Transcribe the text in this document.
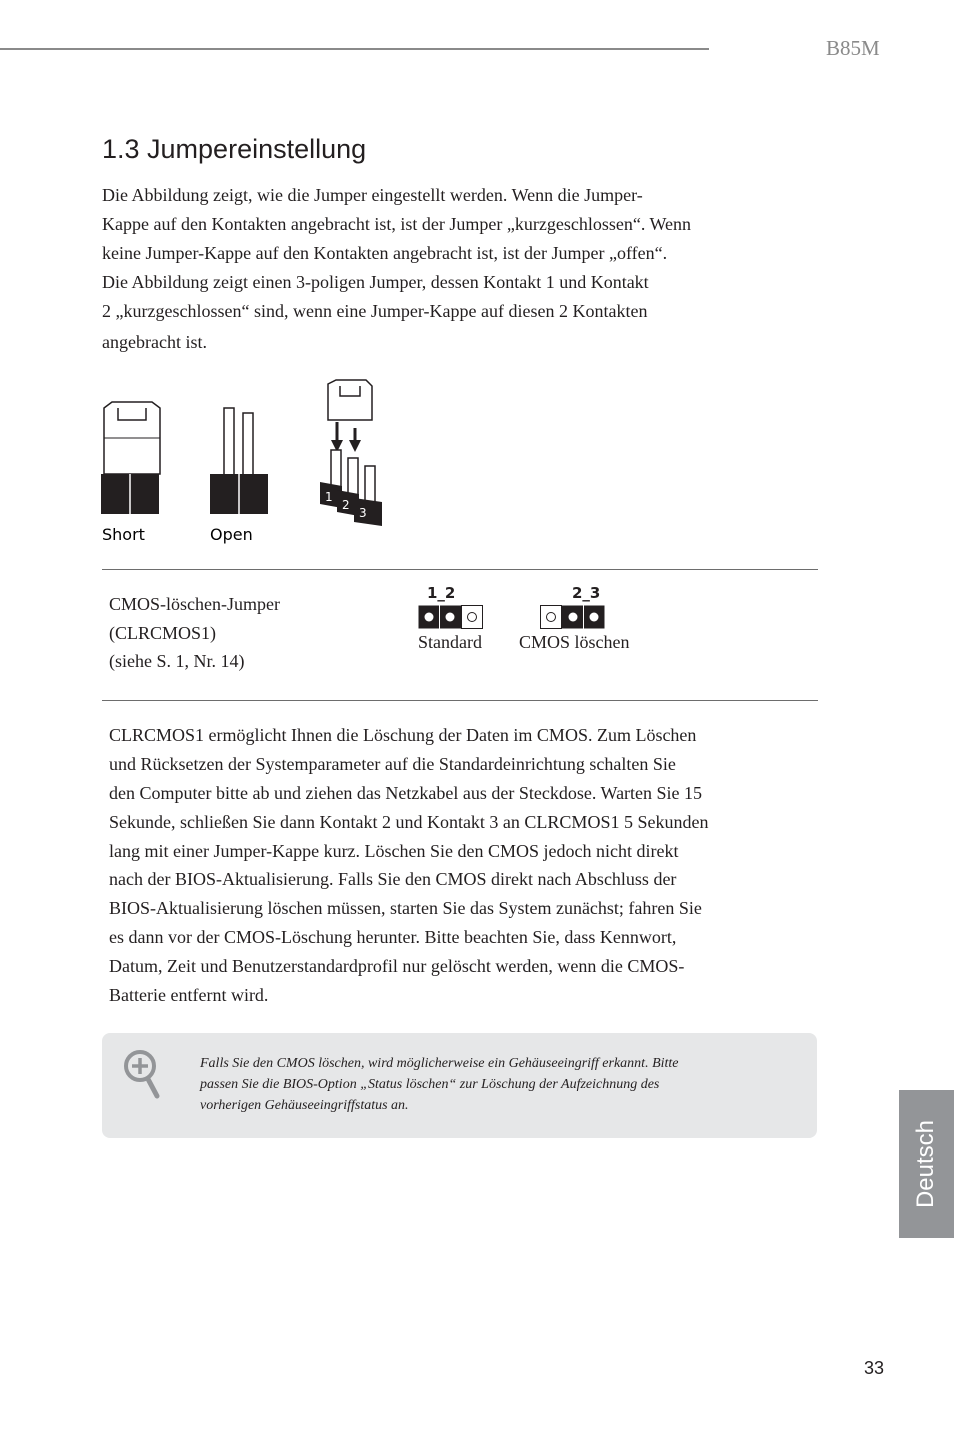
B85M
1.3 Jumpereinstellung
Die Abbildung zeigt, wie die Jumper eingestellt werden. Wenn die Jumper-
Kappe auf den Kontakten angebracht ist, ist der Jumper „kurzgeschlossen“. Wenn
keine Jumper-Kappe auf den Kontakten angebracht ist, ist der Jumper „offen“.
Die Abbildung zeigt einen 3-poligen Jumper, dessen Kontakt 1 und Kontakt
2 „kurzgeschlossen“ sind, wenn eine Jumper-Kappe auf diesen 2 Kontakten
angebracht ist.
Short	Open
1
2
3
CMOS-löschen-Jumper
(CLRCMOS1)
(siehe S. 1, Nr. 14)
1_2
Standard
2_3
CMOS löschen
CLRCMOS1 ermöglicht Ihnen die Löschung der Daten im CMOS. Zum Löschen
und Rücksetzen der Systemparameter auf die Standardeinrichtung schalten Sie
den Computer bitte ab und ziehen das Netzkabel aus der Steckdose. Warten Sie 15
Sekunde, schließen Sie dann Kontakt 2 und Kontakt 3 an CLRCMOS1 5 Sekunden
lang mit einer Jumper-Kappe kurz. Löschen Sie den CMOS jedoch nicht direkt
nach der BIOS-Aktualisierung. Falls Sie den CMOS direkt nach Abschluss der
BIOS-Aktualisierung löschen müssen, starten Sie das System zunächst; fahren Sie
es dann vor der CMOS-Löschung herunter. Bitte beachten Sie, dass Kennwort,
Datum, Zeit und Benutzerstandardprofil nur gelöscht werden, wenn die CMOS-
Batterie entfernt wird.
Falls Sie den CMOS löschen, wird möglicherweise ein Gehäuseeingriff erkannt. Bitte
passen Sie die BIOS-Option „Status löschen“ zur Löschung der Aufzeichnung des
vorherigen Gehäuseeingriffstatus an.
Deutsch
33
